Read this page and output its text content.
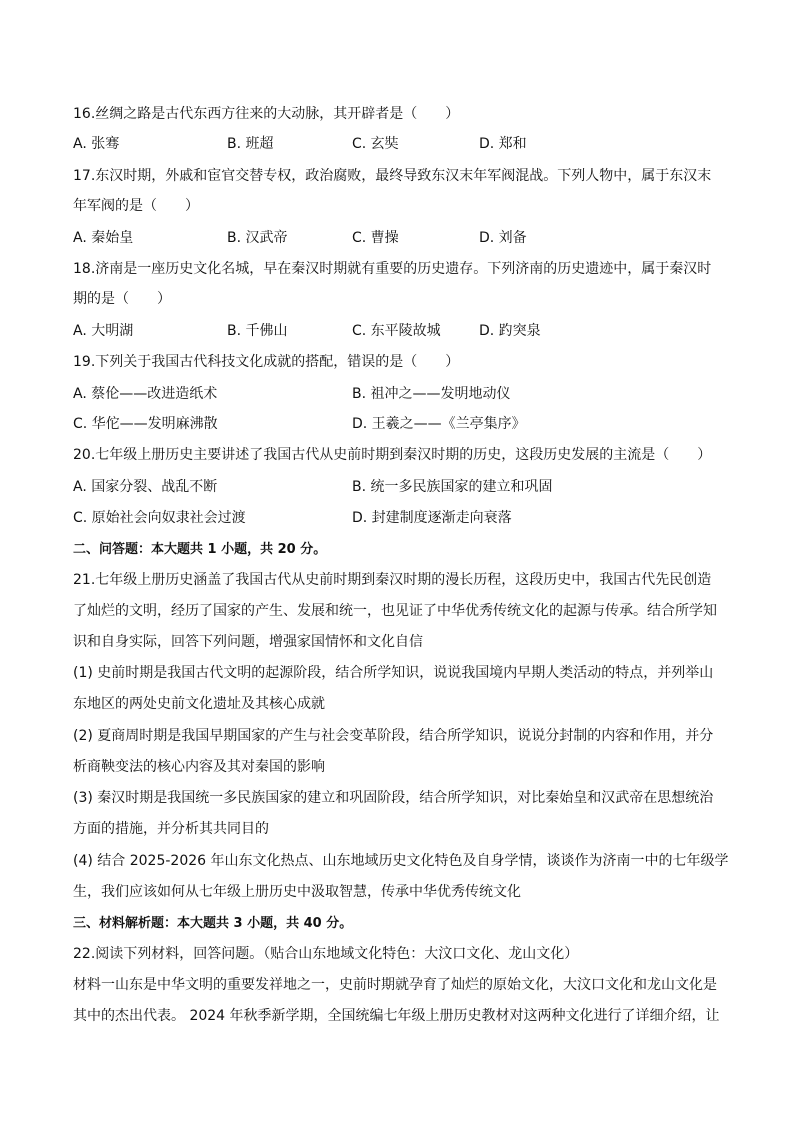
16.丝绸之路是古代东西方往来的大动脉，其开辟者是（　　）
A. 张骞	B. 班超	C. 玄奘	D. 郑和
17.东汉时期，外戚和宦官交替专权，政治腐败，最终导致东汉末年军阀混战。下列人物中，属于东汉末
年军阀的是（　　）
A. 秦始皇	B. 汉武帝	C. 曹操	D. 刘备
18.济南是一座历史文化名城，早在秦汉时期就有重要的历史遗存。下列济南的历史遗迹中，属于秦汉时
期的是（　　）
A. 大明湖	B. 千佛山	C. 东平陵故城	D. 趵突泉
19.下列关于我国古代科技文化成就的搭配，错误的是（　　）
A. 蔡伦——改进造纸术	B. 祖冲之——发明地动仪
C. 华佗——发明麻沸散	D. 王羲之——《兰亭集序》
20.七年级上册历史主要讲述了我国古代从史前时期到秦汉时期的历史，这段历史发展的主流是（　　）
A. 国家分裂、战乱不断	B. 统一多民族国家的建立和巩固
C. 原始社会向奴隶社会过渡	D. 封建制度逐渐走向衰落
二、问答题：本大题共 1 小题，共 20 分。
21.七年级上册历史涵盖了我国古代从史前时期到秦汉时期的漫长历程，这段历史中，我国古代先民创造
了灿烂的文明，经历了国家的产生、发展和统一，也见证了中华优秀传统文化的起源与传承。结合所学知
识和自身实际，回答下列问题，增强家国情怀和文化自信
(1) 史前时期是我国古代文明的起源阶段，结合所学知识，说说我国境内早期人类活动的特点，并列举山
东地区的两处史前文化遗址及其核心成就
(2) 夏商周时期是我国早期国家的产生与社会变革阶段，结合所学知识，说说分封制的内容和作用，并分
析商鞅变法的核心内容及其对秦国的影响
(3) 秦汉时期是我国统一多民族国家的建立和巩固阶段，结合所学知识，对比秦始皇和汉武帝在思想统治
方面的措施，并分析其共同目的
(4) 结合 2025-2026 年山东文化热点、山东地域历史文化特色及自身学情，谈谈作为济南一中的七年级学
生，我们应该如何从七年级上册历史中汲取智慧，传承中华优秀传统文化
三、材料解析题：本大题共 3 小题，共 40 分。
22.阅读下列材料，回答问题。（贴合山东地域文化特色：大汶口文化、龙山文化）
材料一山东是中华文明的重要发祥地之一，史前时期就孕育了灿烂的原始文化，大汶口文化和龙山文化是
其中的杰出代表。 2024 年秋季新学期，全国统编七年级上册历史教材对这两种文化进行了详细介绍，让
